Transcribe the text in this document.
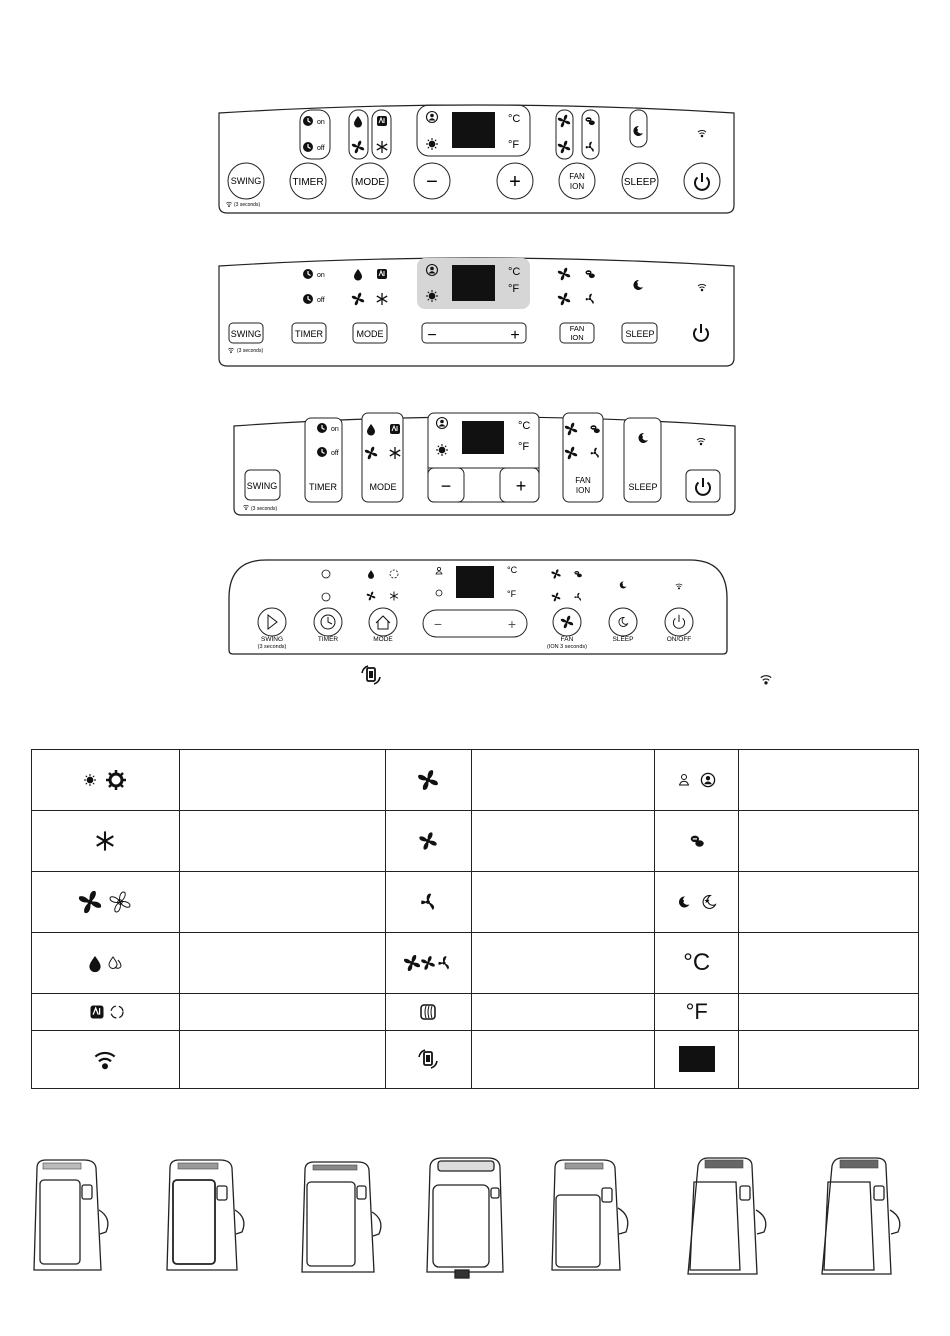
on
off
°C
°F
SWING
(3 seconds)
TIMER	MODE −	+	FAN
ION	SLEEP
on
off
°C
°F
SWING
(3 seconds)
TIMER	MODE	−	+	FAN
ION	SLEEP
on
off
TIMER	MODE
°C
°F
−	+	FAN
ION	SLEEP
SWING
(3 seconds)
°C
°F
SWING
(3 seconds)
TIMER	MODE
−	+
FAN
(ION 3 seconds)
SLEEP	ON/OFF

				°C	
				°F	
